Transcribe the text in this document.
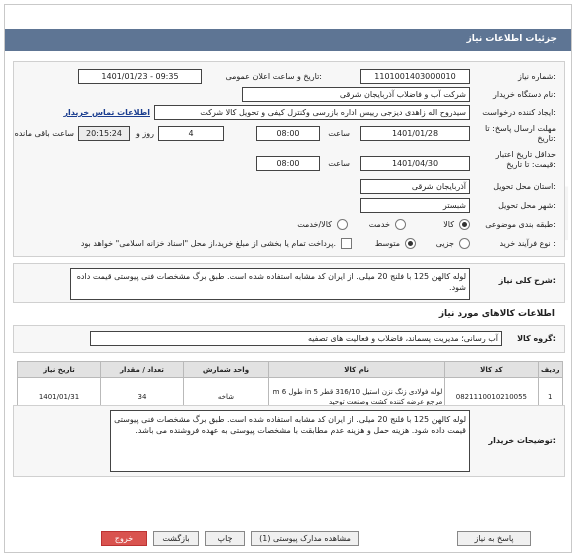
جزئیات اطلاعات نیاز
شماره نیاز:
1101001403000010
تاریخ و ساعت اعلان عمومی:
1401/01/23 - 09:35
نام دستگاه خریدار:
شرکت آب و فاضلاب آذربایجان شرقی
ایجاد کننده درخواست:
سیدروح اله زاهدی دیزجی رییس اداره بازرسی وکنترل کیفی و تحویل کالا شرکت
اطلاعات تماس خریدار
مهلت ارسال پاسخ: تا تاریخ:
1401/01/28
ساعت
08:00
4
روز و
20:15:24
ساعت باقی مانده
حداقل تاریخ اعتبار قیمت: تا تاریخ:
1401/04/30
ساعت
08:00
استان محل تحویل:
آذربایجان شرقی
شهر محل تحویل:
شبستر
طبقه بندی موضوعی:
کالا
خدمت
کالا/خدمت
نوع فرآیند خرید :
جزیی
متوسط
پرداخت تمام یا بخشی از مبلغ خرید،از محل "اسناد خزانه اسلامی" خواهد بود.
شرح کلی نیاز:
لوله کالهن 125 با فلنج 20 میلی. از ایران کد مشابه استفاده شده است. طبق برگ مشخصات فنی پیوستی قیمت داده شود.
اطلاعات کالاهای مورد نیاز
گروه کالا:
آب رسانی؛ مدیریت پسماند، فاضلاب و فعالیت های تصفیه
ردیف	کد کالا	نام کالا	واحد شمارش	تعداد / مقدار	تاریخ نیاز
1	0821110010210055	لوله فولادی زنگ نزن استیل 316/10 قطر 5 in طول 6 m مرجع عرضه کننده کشت وصنعت توحید	شاخه	34	1401/01/31
توضیحات خریدار:
لوله کالهن 125 با فلنج 20 میلی. از ایران کد مشابه استفاده شده است. طبق برگ مشخصات فنی پیوستی قیمت داده شود. هزینه حمل و هزینه عدم مطابقت با مشخصات پیوستی به عهده فروشنده می باشد.
پاسخ به نیاز
مشاهده مدارک پیوستی (1)
چاپ
بازگشت
خروج
